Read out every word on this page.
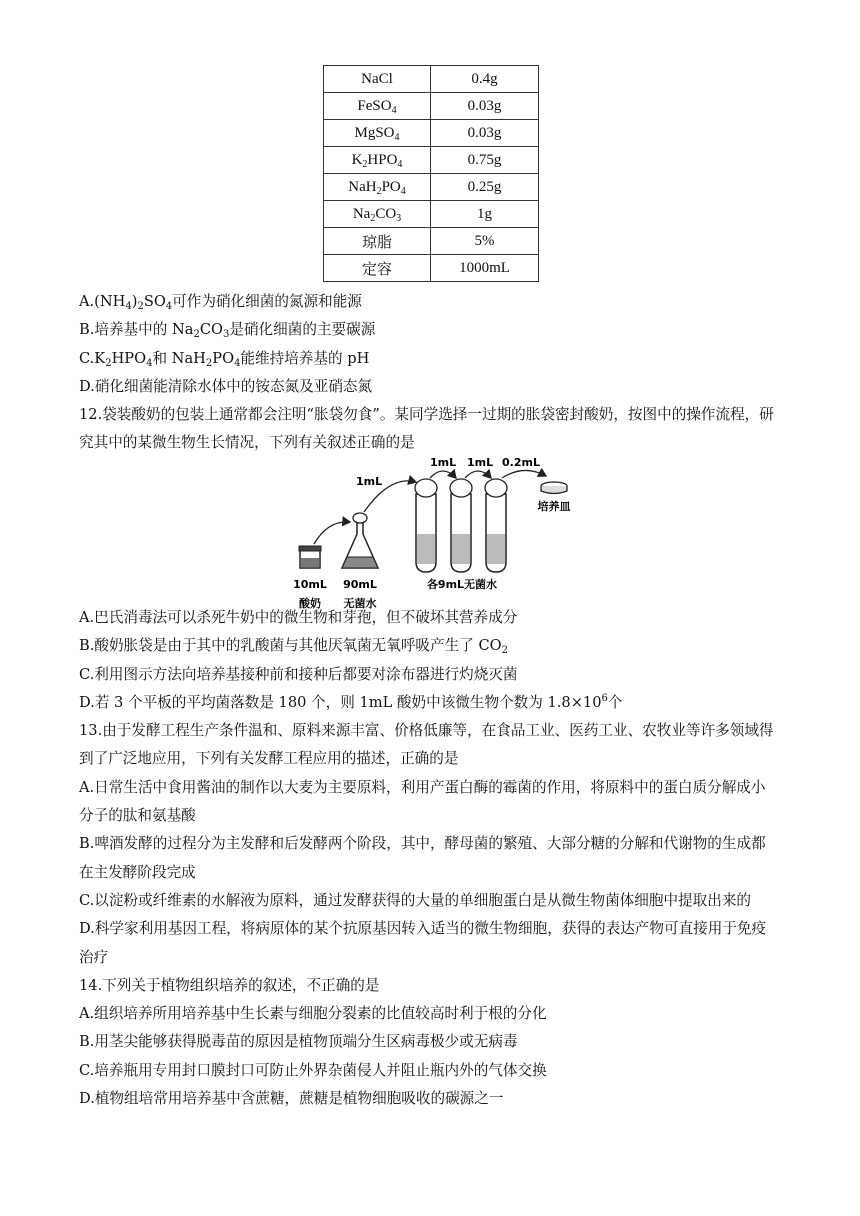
NaCl	0.4g
FeSO$_4$	0.03g
MgSO$_4$	0.03g
$K_2HPO_4$	0.75g
$NaH_2PO_4$	0.25g
$Na_2CO_3$	1g
琼脂	5%
定容	1000mL

$A.(NH_4)_2SO_4$可作为硝化细菌的氮源和能源

B.培养基中的 $Na_2CO_3$是硝化细菌的主要碳源

$C.K_2HPO_4$和 $NaH_2PO_4$能维持培养基的 pH

D.硝化细菌能清除水体中的铵态氮及亚硝态氮

12.袋装酸奶的包装上通常都会注明“胀袋勿食”。某同学选择一过期的胀袋密封酸奶，按图中的操作流程，研究其中的某微生物生长情况，下列有关叙述正确的是

10mL 90mL
1mL
1mL 1mL 0.2mL
各9mL无菌水
培养皿
酸奶 无菌水

A.巴氏消毒法可以杀死牛奶中的微生物和芽孢，但不破坏其营养成分

B.酸奶胀袋是由于其中的乳酸菌与其他厌氧菌无氧呼吸产生了 $CO_2$

C.利用图示方法向培养基接种前和接种后都要对涂布器进行灼烧灭菌

D.若 3 个平板的平均菌落数是 180 个，则 1mL 酸奶中该微生物个数为 $1.8\times 10^6$个

13.由于发酵工程生产条件温和、原料来源丰富、价格低廉等，在食品工业、医药工业、农牧业等许多领域得到了广泛地应用，下列有关发酵工程应用的描述，正确的是

A.日常生活中食用酱油的制作以大麦为主要原料，利用产蛋白酶的霉菌的作用，将原料中的蛋白质分解成小分子的肽和氨基酸

B.啤酒发酵的过程分为主发酵和后发酵两个阶段，其中，酵母菌的繁殖、大部分糖的分解和代谢物的生成都在主发酵阶段完成

C.以淀粉或纤维素的水解液为原料，通过发酵获得的大量的单细胞蛋白是从微生物菌体细胞中提取出来的

D.科学家利用基因工程，将病原体的某个抗原基因转入适当的微生物细胞，获得的表达产物可直接用于免疫治疗

14.下列关于植物组织培养的叙述，不正确的是

A.组织培养所用培养基中生长素与细胞分裂素的比值较高时利于根的分化

B.用茎尖能够获得脱毒苗的原因是植物顶端分生区病毒极少或无病毒

C.培养瓶用专用封口膜封口可防止外界杂菌侵人并阻止瓶内外的气体交换

D.植物组培常用培养基中含蔗糖，蔗糖是植物细胞吸收的碳源之一
